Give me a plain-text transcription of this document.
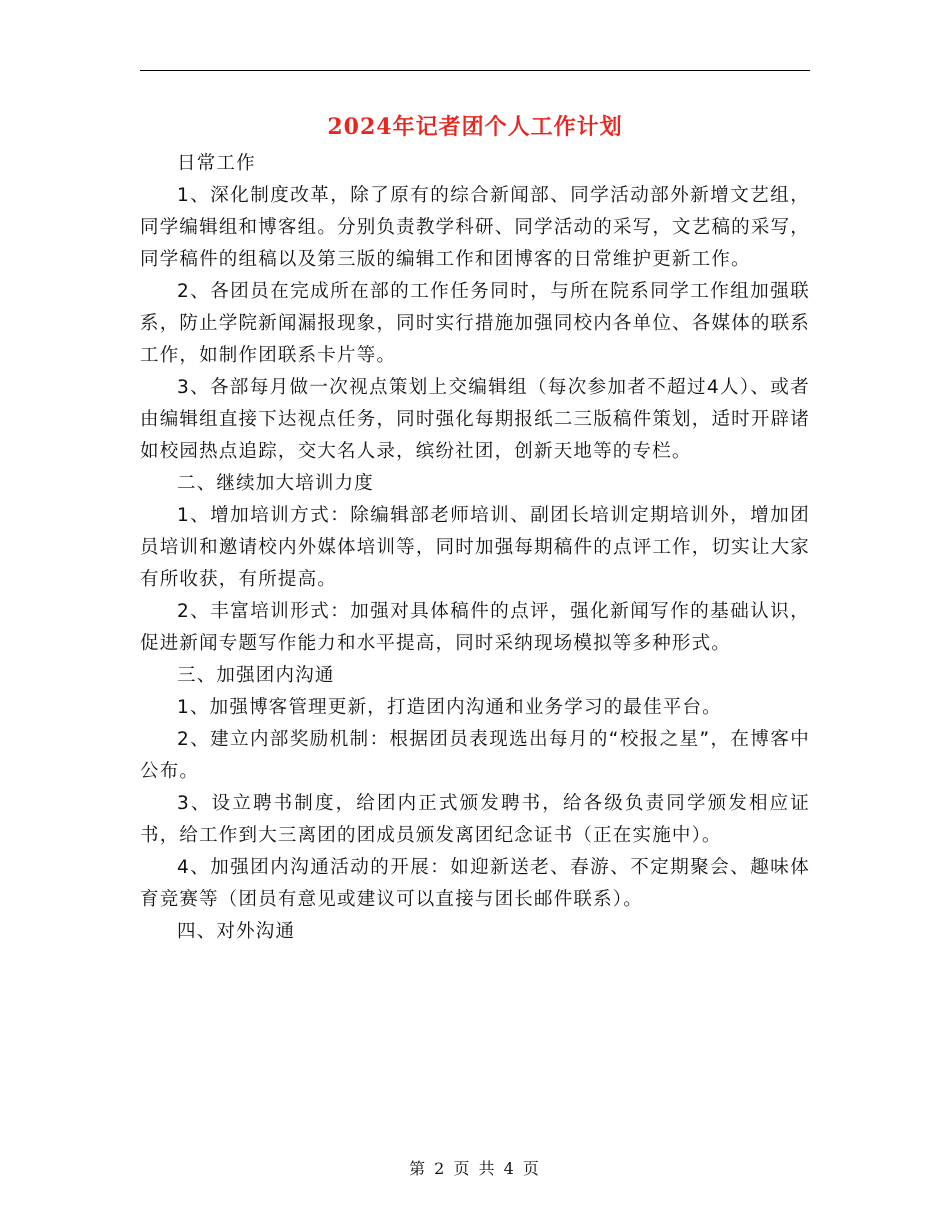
2024年记者团个人工作计划

日常工作

1、深化制度改革，除了原有的综合新闻部、同学活动部外新增文艺组，同学编辑组和博客组。分别负责教学科研、同学活动的采写，文艺稿的采写，同学稿件的组稿以及第三版的编辑工作和团博客的日常维护更新工作。

2、各团员在完成所在部的工作任务同时，与所在院系同学工作组加强联系，防止学院新闻漏报现象，同时实行措施加强同校内各单位、各媒体的联系工作，如制作团联系卡片等。

3、各部每月做一次视点策划上交编辑组（每次参加者不超过4人）、或者由编辑组直接下达视点任务，同时强化每期报纸二三版稿件策划，适时开辟诸如校园热点追踪，交大名人录，缤纷社团，创新天地等的专栏。

二、继续加大培训力度

1、增加培训方式：除编辑部老师培训、副团长培训定期培训外，增加团员培训和邀请校内外媒体培训等，同时加强每期稿件的点评工作，切实让大家有所收获，有所提高。

2、丰富培训形式：加强对具体稿件的点评，强化新闻写作的基础认识，促进新闻专题写作能力和水平提高，同时采纳现场模拟等多种形式。

三、加强团内沟通

1、加强博客管理更新，打造团内沟通和业务学习的最佳平台。

2、建立内部奖励机制：根据团员表现选出每月的“校报之星”，在博客中公布。

3、设立聘书制度，给团内正式颁发聘书，给各级负责同学颁发相应证书，给工作到大三离团的团成员颁发离团纪念证书（正在实施中）。

4、加强团内沟通活动的开展：如迎新送老、春游、不定期聚会、趣味体育竞赛等（团员有意见或建议可以直接与团长邮件联系）。

四、对外沟通

第 2 页 共 4 页
